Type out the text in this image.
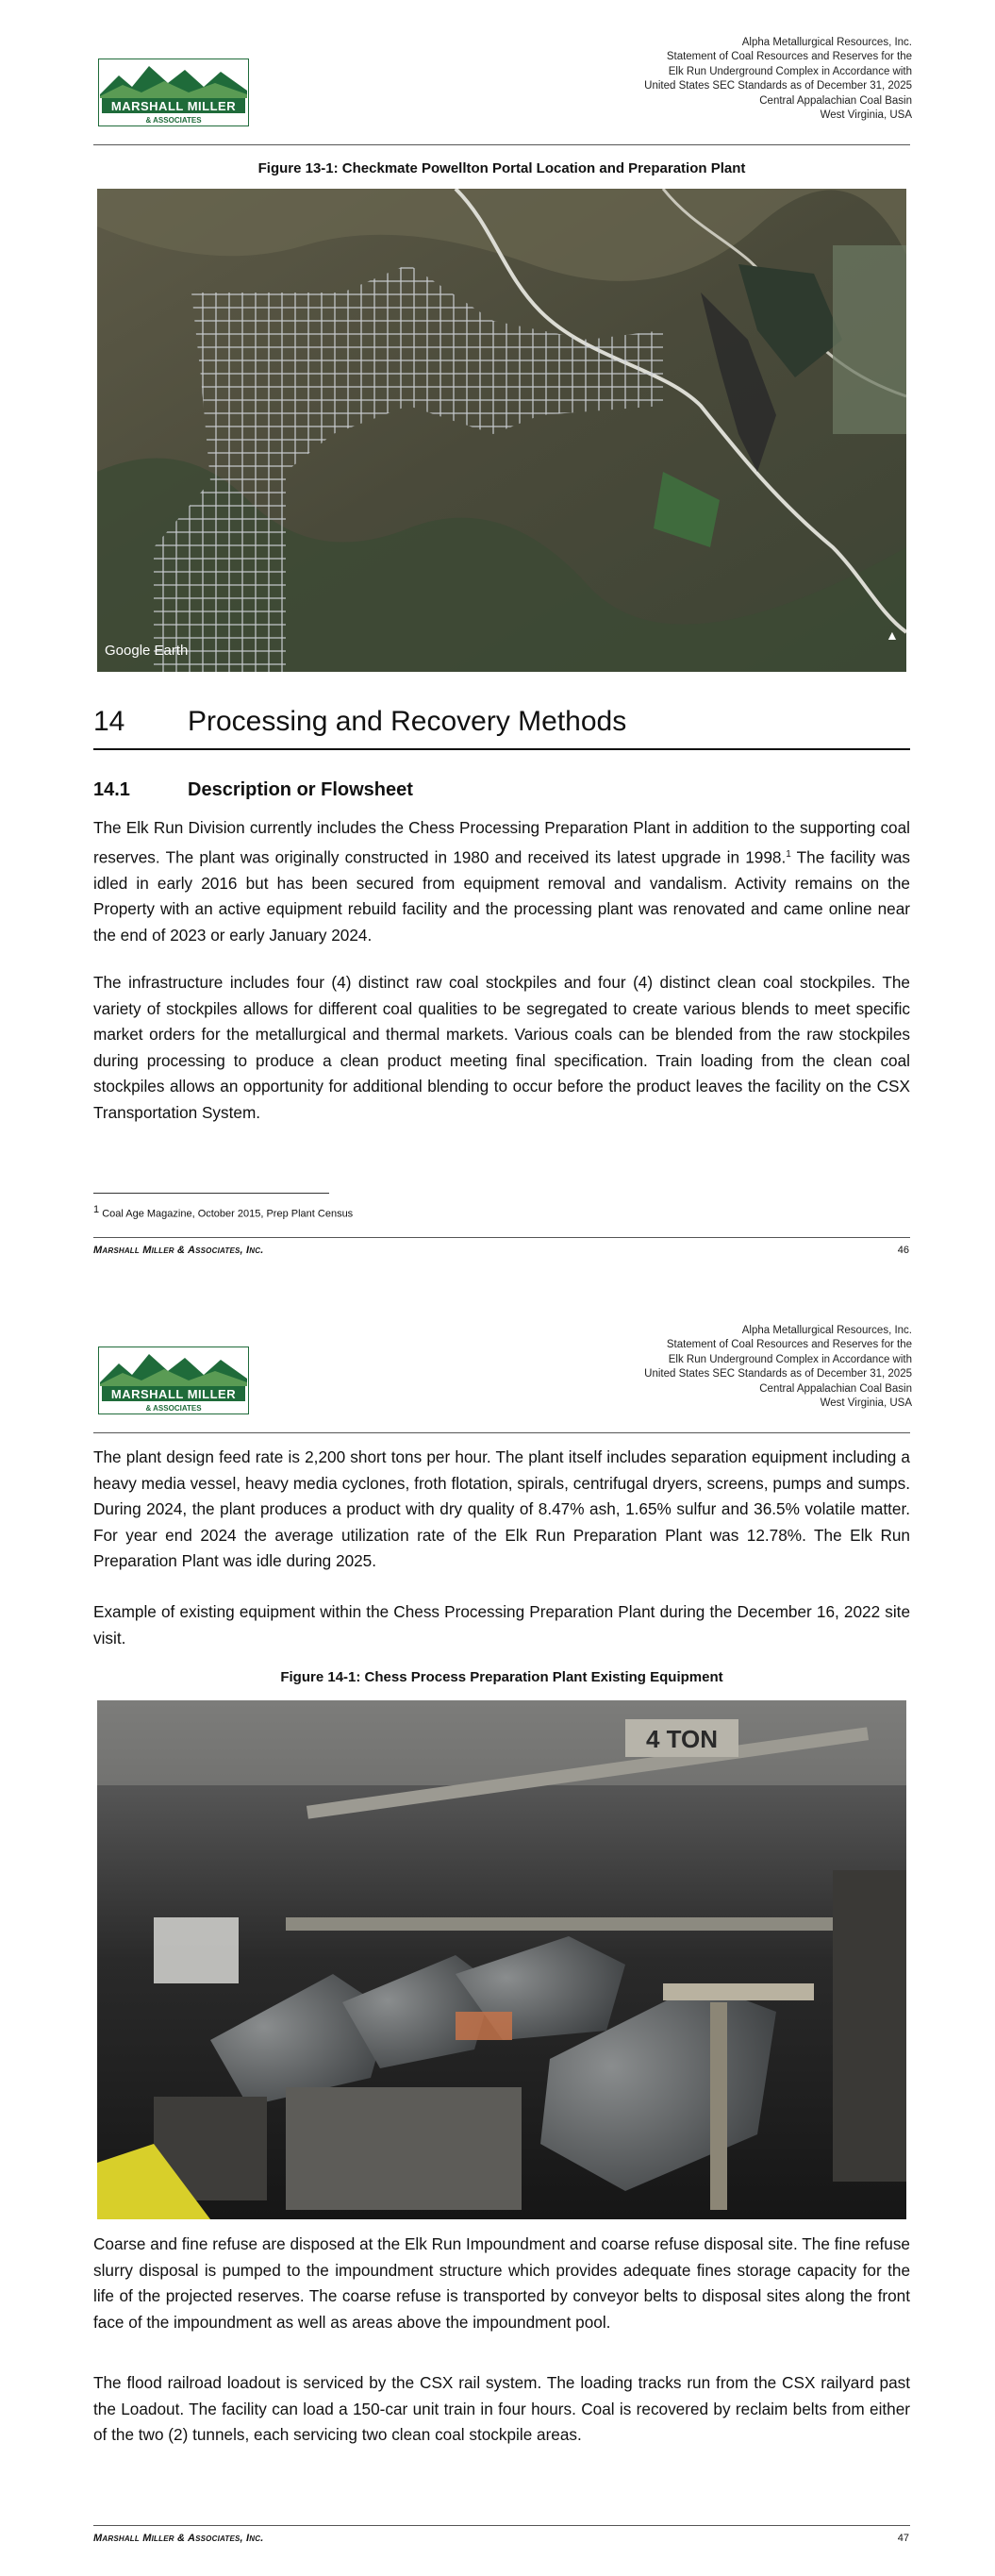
MARSHALL MILLER
& ASSOCIATES
Alpha Metallurgical Resources, Inc.
Statement of Coal Resources and Reserves for the
Elk Run Underground Complex in Accordance with
United States SEC Standards as of December 31, 2025
Central Appalachian Coal Basin
West Virginia, USA
Figure 13-1: Checkmate Powellton Portal Location and Preparation Plant
Google Earth
▲
14 Processing and Recovery Methods
14.1	Description or Flowsheet
The Elk Run Division currently includes the Chess Processing Preparation Plant in addition to the supporting coal reserves. The plant was originally constructed in 1980 and received its latest upgrade in 1998.$^1$ The facility was idled in early 2016 but has been secured from equipment removal and vandalism. Activity remains on the Property with an active equipment rebuild facility and the processing plant was renovated and came online near the end of 2023 or early January 2024.
The infrastructure includes four (4) distinct raw coal stockpiles and four (4) distinct clean coal stockpiles. The variety of stockpiles allows for different coal qualities to be segregated to create various blends to meet specific market orders for the metallurgical and thermal markets. Various coals can be blended from the raw stockpiles during processing to produce a clean product meeting final specification. Train loading from the clean coal stockpiles allows an opportunity for additional blending to occur before the product leaves the facility on the CSX Transportation System.
$^1$ Coal Age Magazine, October 2015, Prep Plant Census
Marshall Miller & Associates, Inc.	46
MARSHALL MILLER
& ASSOCIATES
Alpha Metallurgical Resources, Inc.
Statement of Coal Resources and Reserves for the
Elk Run Underground Complex in Accordance with
United States SEC Standards as of December 31, 2025
Central Appalachian Coal Basin
West Virginia, USA
The plant design feed rate is 2,200 short tons per hour. The plant itself includes separation equipment including a heavy media vessel, heavy media cyclones, froth flotation, spirals, centrifugal dryers, screens, pumps and sumps. During 2024, the plant produces a product with dry quality of 8.47% ash, 1.65% sulfur and 36.5% volatile matter. For year end 2024 the average utilization rate of the Elk Run Preparation Plant was 12.78%. The Elk Run Preparation Plant was idle during 2025.
Example of existing equipment within the Chess Processing Preparation Plant during the December 16, 2022 site visit.
Figure 14-1: Chess Process Preparation Plant Existing Equipment
4 TON
Coarse and fine refuse are disposed at the Elk Run Impoundment and coarse refuse disposal site. The fine refuse slurry disposal is pumped to the impoundment structure which provides adequate fines storage capacity for the life of the projected reserves. The coarse refuse is transported by conveyor belts to disposal sites along the front face of the impoundment as well as areas above the impoundment pool.
The flood railroad loadout is serviced by the CSX rail system. The loading tracks run from the CSX railyard past the Loadout. The facility can load a 150-car unit train in four hours. Coal is recovered by reclaim belts from either of the two (2) tunnels, each servicing two clean coal stockpile areas.
Marshall Miller & Associates, Inc.	47
